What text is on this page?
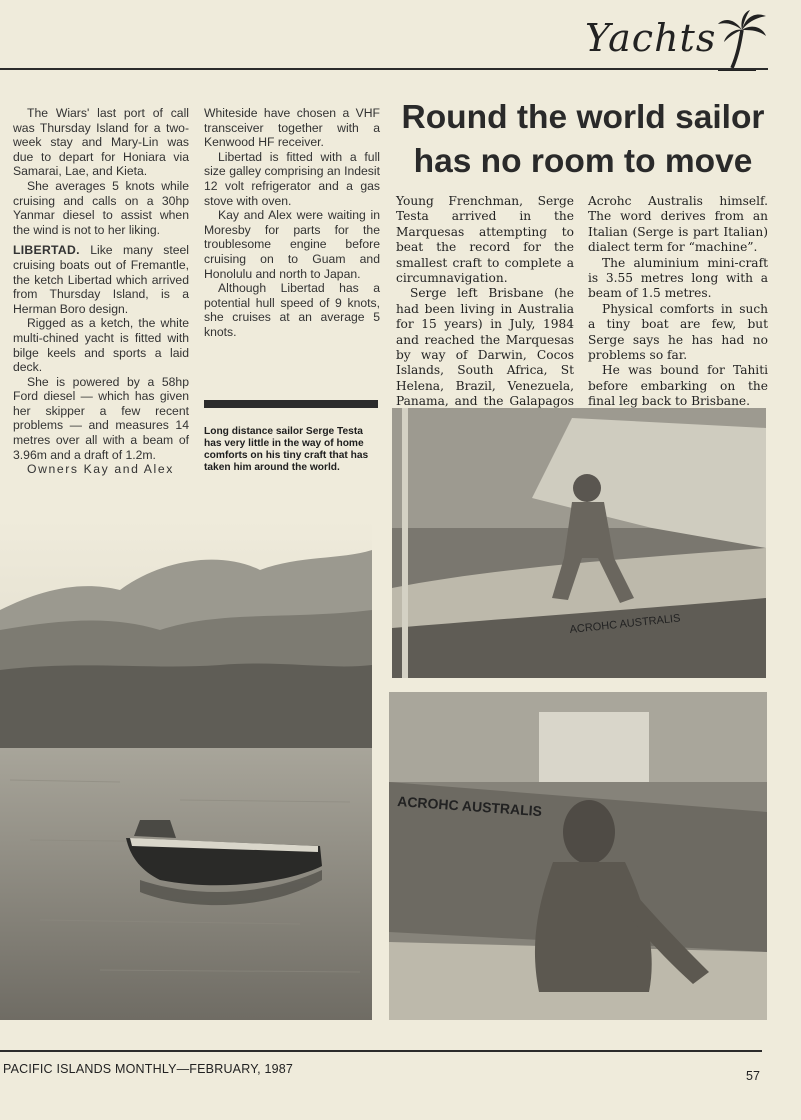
Yachts

The Wiars' last port of call was Thursday Island for a two-week stay and Mary-Lin was due to depart for Honiara via Samarai, Lae, and Kieta.

She averages 5 knots while cruising and calls on a 30hp Yanmar diesel to assist when the wind is not to her liking.

LIBERTAD. Like many steel cruising boats out of Fremantle, the ketch Libertad which arrived from Thursday Island, is a Herman Boro design.

Rigged as a ketch, the white multi-chined yacht is fitted with bilge keels and sports a laid deck.

She is powered by a 58hp Ford diesel — which has given her skipper a few recent problems — and measures 14 metres over all with a beam of 3.96m and a draft of 1.2m.

Owners Kay and Alex

Whiteside have chosen a VHF transceiver together with a Kenwood HF receiver.

Libertad is fitted with a full size galley comprising an Indesit 12 volt refrigerator and a gas stove with oven.

Kay and Alex were waiting in Moresby for parts for the troublesome engine before cruising on to Guam and Honolulu and north to Japan.

Although Libertad has a potential hull speed of 9 knots, she cruises at an average 5 knots.

Long distance sailor Serge Testa has very little in the way of home comforts on his tiny craft that has taken him around the world.
Round the world sailor
has no room to move

Young Frenchman, Serge Testa arrived in the Marquesas attempting to beat the record for the smallest craft to complete a circumnavigation.

Serge left Brisbane (he had been living in Australia for 15 years) in July, 1984 and reached the Marquesas by way of Darwin, Cocos Islands, South Africa, St Helena, Brazil, Venezuela, Panama, and the Galapagos

Acrohc Australis himself. The word derives from an Italian (Serge is part Italian) dialect term for “machine”.

The aluminium mini-craft is 3.55 metres long with a beam of 1.5 metres.

Physical comforts in such a tiny boat are few, but Serge says he has had no problems so far.

He was bound for Tahiti before embarking on the final leg back to Brisbane.

ACROHC AUSTRALIS
ACROHC AUSTRALIS
PACIFIC ISLANDS MONTHLY—FEBRUARY, 1987	57
